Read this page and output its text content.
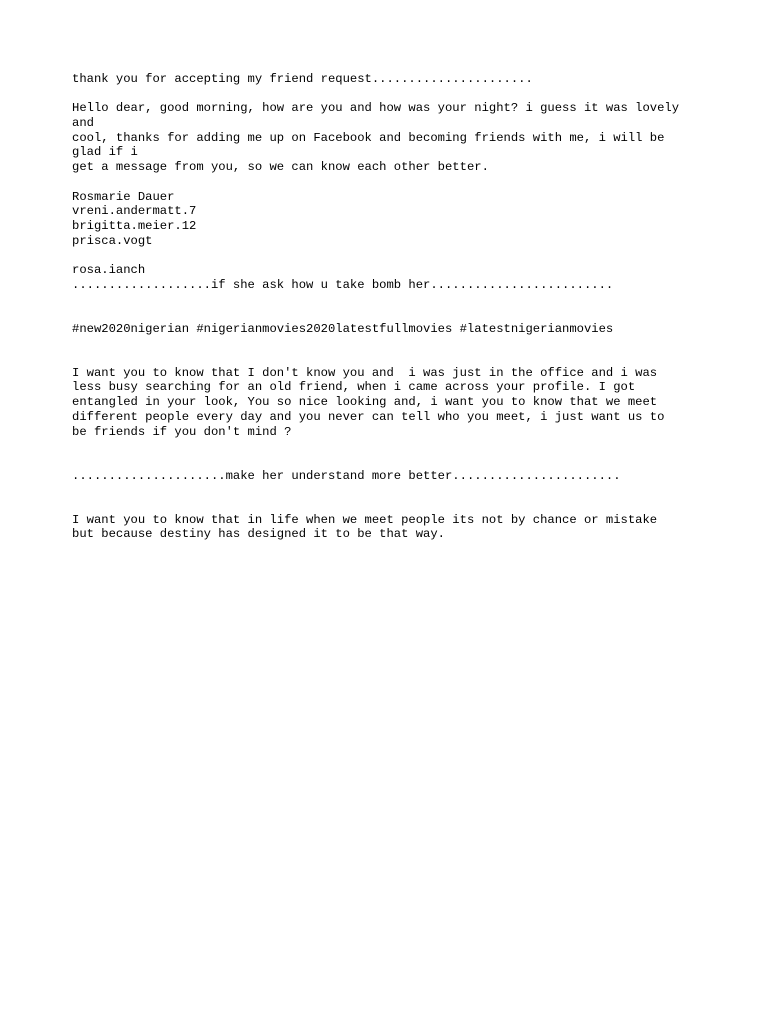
thank you for accepting my friend request......................
Hello dear, good morning, how are you and how was your night? i guess it was lovely
and
cool, thanks for adding me up on Facebook and becoming friends with me, i will be
glad if i
get a message from you, so we can know each other better.
Rosmarie Dauer
vreni.andermatt.7
brigitta.meier.12
prisca.vogt
rosa.ianch
...................if she ask how u take bomb her.........................
#new2020nigerian #nigerianmovies2020latestfullmovies #latestnigerianmovies
I want you to know that I don't know you and  i was just in the office and i was
less busy searching for an old friend, when i came across your profile. I got
entangled in your look, You so nice looking and, i want you to know that we meet
different people every day and you never can tell who you meet, i just want us to
be friends if you don't mind ?
.....................make her understand more better.......................
I want you to know that in life when we meet people its not by chance or mistake
but because destiny has designed it to be that way.
